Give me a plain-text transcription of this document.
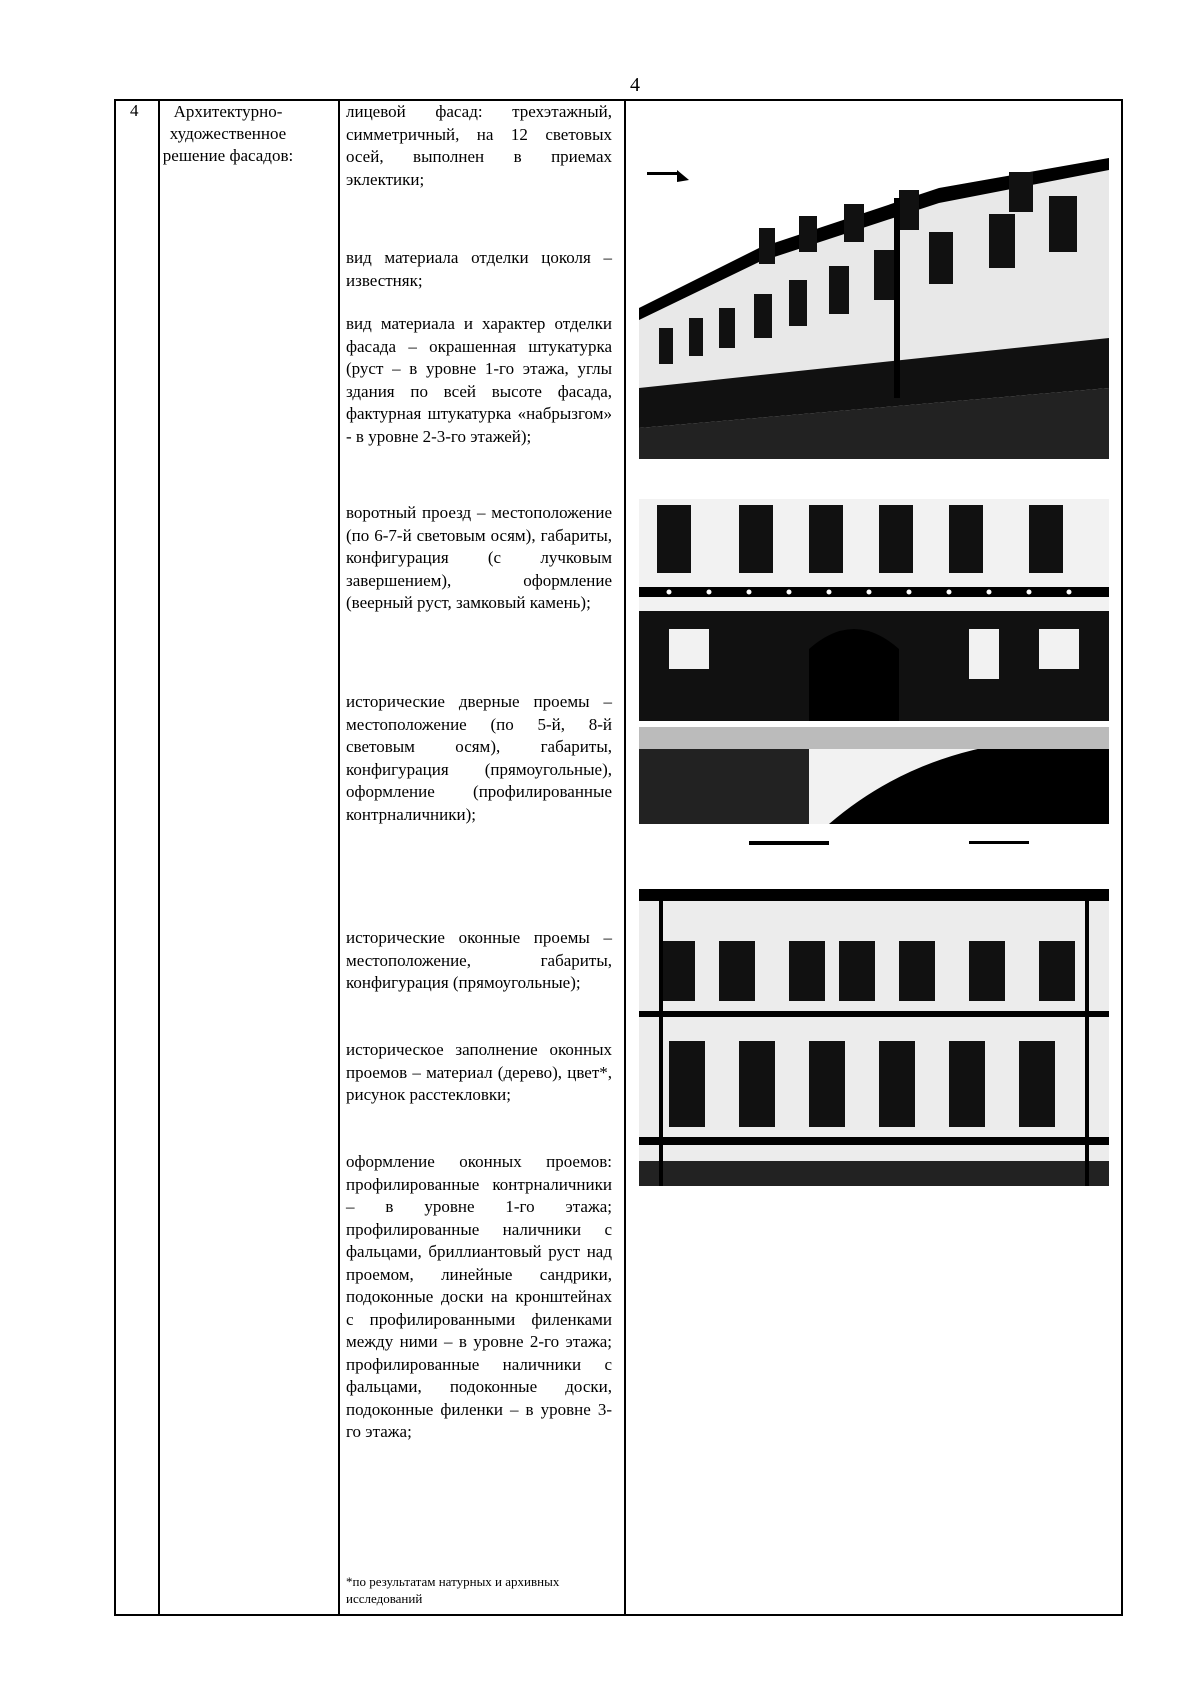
4
4	Архитектурно-художественное решение фасадов:
лицевой фасад: трехэтажный, симметричный, на 12 световых осей, выполнен в приемах эклектики;
вид материала отделки цоколя – известняк;
вид материала и характер отделки фасада – окрашенная штукатурка (руст – в уровне 1-го этажа, углы здания по всей высоте фасада, фактурная штукатурка «набрызгом» - в уровне 2-3-го этажей);
воротный проезд – местоположение (по 6-7-й световым осям), габариты, конфигурация (с лучковым завершением), оформление (веерный руст, замковый камень);
исторические дверные проемы – местоположение (по 5-й, 8-й световым осям), габариты, конфигурация (прямоугольные), оформление (профилированные контрналичники);
исторические оконные проемы – местоположение, габариты, конфигурация (прямоугольные);
историческое заполнение оконных проемов – материал (дерево), цвет*, рисунок расстекловки;
оформление оконных проемов: профилированные контрналичники – в уровне 1-го этажа; профилированные наличники с фальцами, бриллиантовый руст над проемом, линейные сандрики, подоконные доски на кронштейнах с профилированными филенками между ними – в уровне 2-го этажа; профилированные наличники с фальцами, подоконные доски, подоконные филенки – в уровне 3-го этажа;
*по результатам натурных и архивных исследований
